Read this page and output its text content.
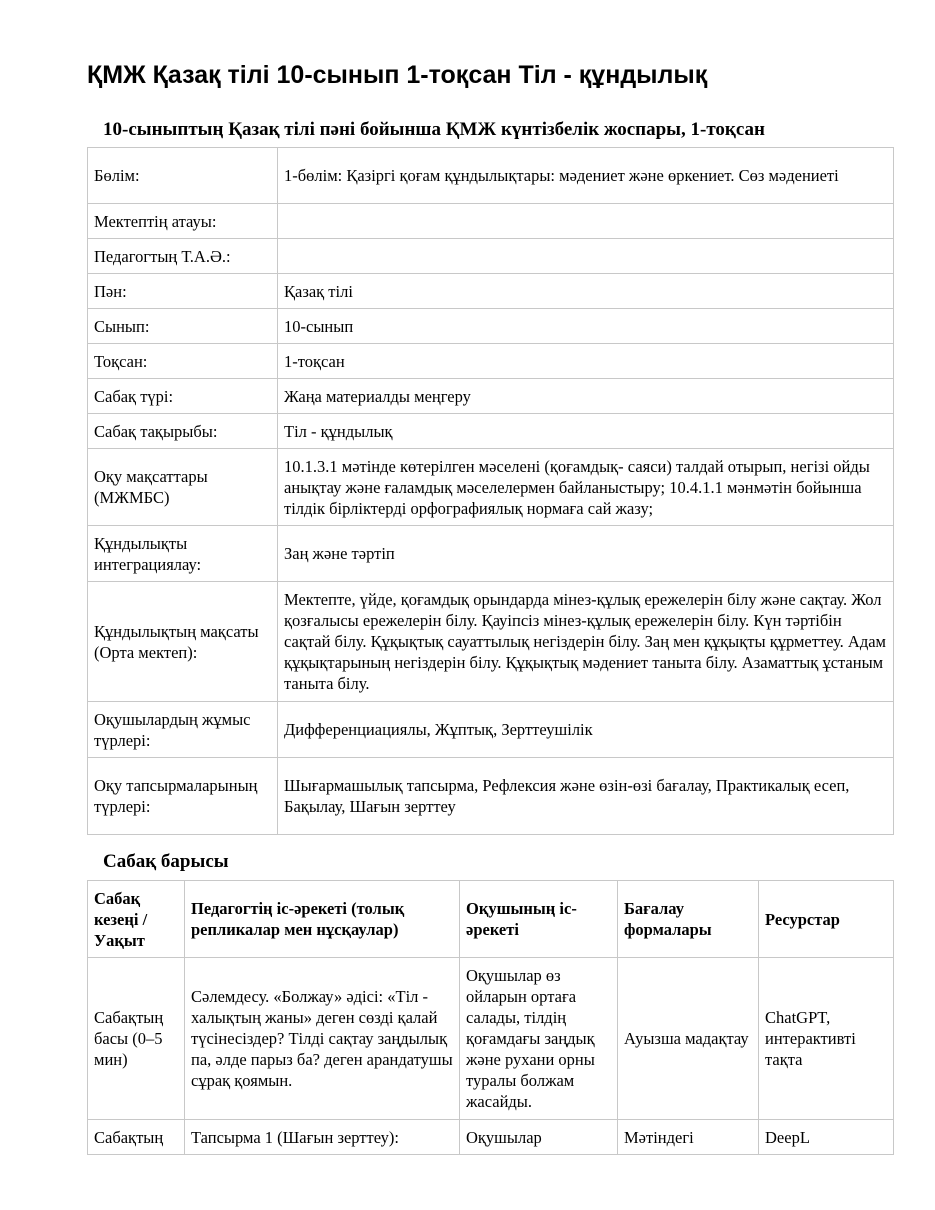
ҚМЖ Қазақ тілі 10-сынып 1-тоқсан Тіл - құндылық
10-сыныптың Қазақ тілі пәні бойынша ҚМЖ күнтізбелік жоспары, 1-тоқсан
Бөлім:	1-бөлім: Қазіргі қоғам құндылықтары: мәдениет және өркениет. Сөз мәдениеті
Мектептің атауы:	
Педагогтың Т.А.Ә.:	
Пән:	Қазақ тілі
Сынып:	10-сынып
Тоқсан:	1-тоқсан
Сабақ түрі:	Жаңа материалды меңгеру
Сабақ тақырыбы:	Тіл - құндылық
Оқу мақсаттары (МЖМБС)	10.1.3.1 мәтінде көтерілген мәселені (қоғамдық- саяси) талдай отырып, негізі ойды анықтау және ғаламдық мәселелермен байланыстыру; 10.4.1.1 мәнмәтін бойынша тілдік бірліктерді орфографиялық нормаға сай жазу;
Құндылықты интеграциялау:	Заң және тәртіп
Құндылықтың мақсаты (Орта мектеп):	Мектепте, үйде, қоғамдық орындарда мінез-құлық ережелерін білу және сақтау. Жол қозғалысы ережелерін білу. Қауіпсіз мінез-құлық ережелерін білу. Күн тәртібін сақтай білу. Құқықтық сауаттылық негіздерін білу. Заң мен құқықты құрметтеу. Адам құқықтарының негіздерін білу. Құқықтық мәдениет таныта білу. Азаматтық ұстаным таныта білу.
Оқушылардың жұмыс түрлері:	Дифференциациялы, Жұптық, Зерттеушілік
Оқу тапсырмаларының түрлері:	Шығармашылық тапсырма, Рефлексия және өзін-өзі бағалау, Практикалық есеп, Бақылау, Шағын зерттеу
Сабақ барысы
Сабақ кезеңі / Уақыт	Педагогтің іс-әрекеті (толық репликалар мен нұсқаулар)	Оқушының іс-әрекеті	Бағалау формалары	Ресурстар
Сабақтың басы (0–5 мин)	Сәлемдесу. «Болжау» әдісі: «Тіл - халықтың жаны» деген сөзді қалай түсінесіздер? Тілді сақтау заңдылық па, әлде парыз ба? деген арандатушы сұрақ қоямын.	Оқушылар өз ойларын ортаға салады, тілдің қоғамдағы заңдық және рухани орны туралы болжам жасайды.	Ауызша мадақтау	ChatGPT, интерактивті тақта
Сабақтың	Тапсырма 1 (Шағын зерттеу):	Оқушылар	Мәтіндегі	DeepL
